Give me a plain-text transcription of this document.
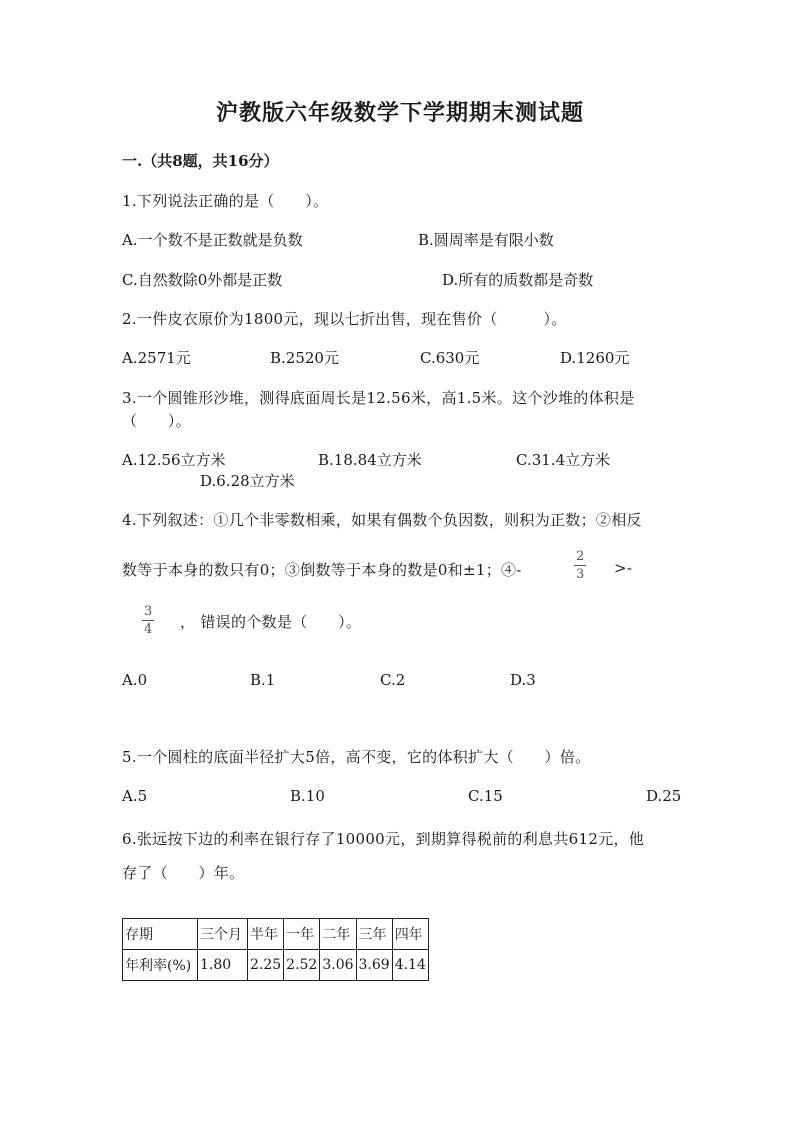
沪教版六年级数学下学期期末测试题
一.（共8题，共16分）
1.下列说法正确的是（　　）。
A.一个数不是正数就是负数	B.圆周率是有限小数
C.自然数除0外都是正数	D.所有的质数都是奇数
2.一件皮衣原价为1800元，现以七折出售，现在售价（　　　）。
A.2571元	B.2520元	C.630元	D.1260元
3.一个圆锥形沙堆，测得底面周长是12.56米，高1.5米。这个沙堆的体积是
（　　）。
A.12.56立方米	B.18.84立方米	C.31.4立方米
D.6.28立方米
4.下列叙述：①几个非零数相乘，如果有偶数个负因数，则积为正数；②相反
数等于本身的数只有0；③倒数等于本身的数是0和±1；④-
2
3 >-
3
4 ， 错误的个数是（　　）。
A.0	B.1	C.2	D.3
5.一个圆柱的底面半径扩大5倍，高不变，它的体积扩大（　　）倍。
A.5	B.10	C.15	D.25
6.张远按下边的利率在银行存了10000元，到期算得税前的利息共612元，他
存了（　　）年。
存期	三个月	半年	一年	二年	三年	四年
年利率(%)	1.80	2.25	2.52	3.06	3.69	4.14
